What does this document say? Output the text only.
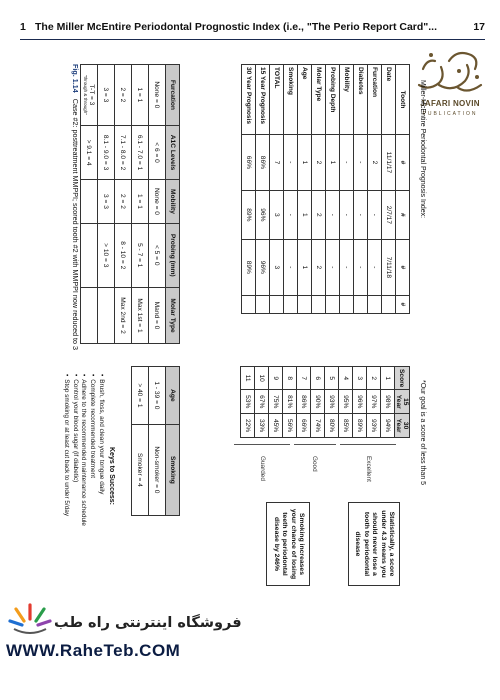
1 The Miller McEntire Periodontal Prognostic Index (i.e., "The Perio Report Card"...	17
JAFARI NOVIN
PUBLICATION
Miller-McEntire Periodontal Prognosis Index:
*Our goal is a score of less than 5
Tooth	#	#	#	#
Date	11/1/17	2/7/17	7/11/18	
Furcation	2	-	-	
Diabetes	-	-	-	
Mobility	-	-	-	
Probing Depth	1	-	-	
Molar Type	2	2	2	
Age	1	1	1	
Smoking	-	-	-	
TOTAL	7	3	3	
15 Year Prognosis	86%	96%	96%	
30 Year Prognosis	66%	89%	89%	
Score	15 Year	30 Year
1	98%	94%
2	97%	93%
3	96%	89%
4	95%	85%
5	93%	80%
6	90%	74%
7	86%	66%
8	81%	56%
9	75%	45%
10	67%	33%
11	53%	22%
Excellent
Good
Guarded
Statistically, a score under 4.3 means you should never lose a tooth to periodontal disease
Smoking increases your chance of losing teeth to periodontal disease by 246%
Furcation	A1C Levels	Mobility	Probing (mm)	Molar Type
None = 0	< 6 = 0	None = 0	< 5 = 0	Mand = 0
1 = 1	6.1 - 7.0 = 1	1 = 1	5 - 7 = 1	Max 1st = 1
2 = 2	7.1 - 8.0 = 2	2 = 2	8 - 10 = 2	Max 2nd = 2
3 = 3	8.1 - 9.0 = 3	3 = 3	> 10 = 3	
T-T = 3
"through & through"	> 9.1 = 4			
Age	Smoking
1 - 39 = 0	Non-smoker = 0
> 40 = 1	Smoker = 4
Keys to Success:
• Brush, floss, and clean your tongue daily
• Complete recommended treatment
• Adhere to the recommended maintenance schedule
• Control your blood sugar (if diabetic)
• Stop smoking or at least cut back to under 5/day
Fig. 1.14 Case #2: posttreatment MMPPI; scored tooth #2 with MMPPI now reduced to 3
فروشگاه اینترنتی راه طب
WWW.RaheTeb.COM
